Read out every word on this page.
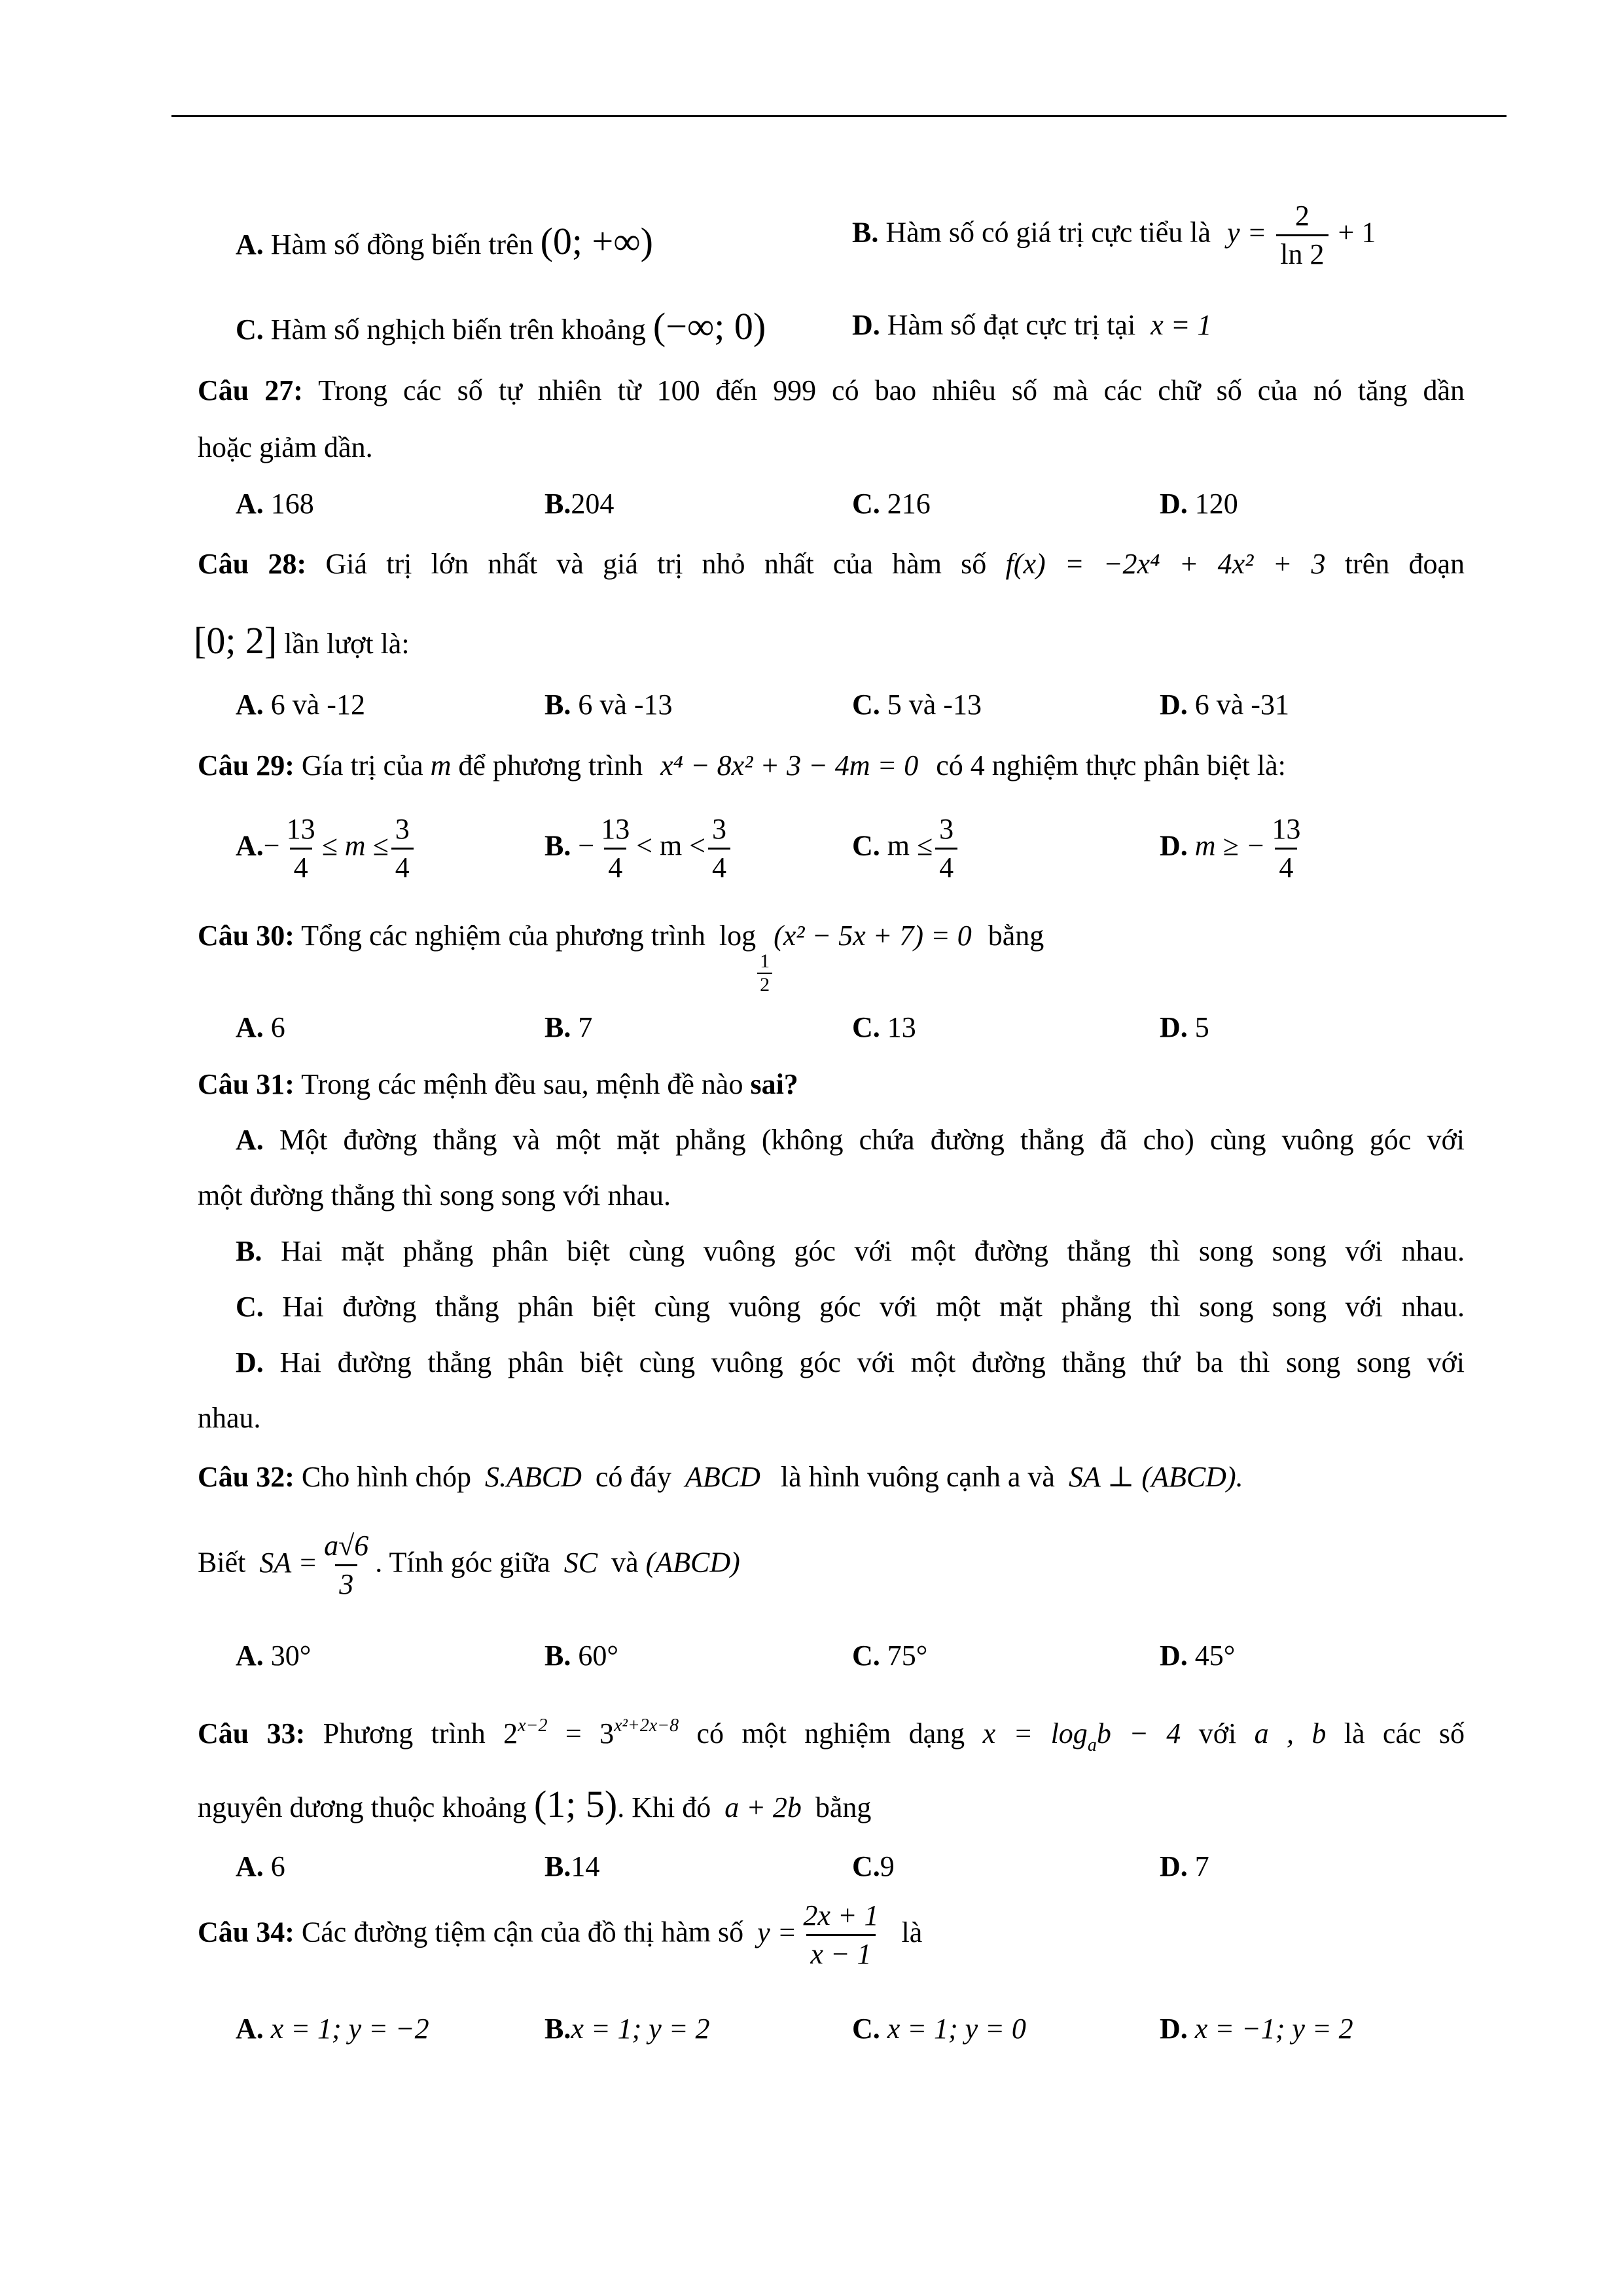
A. Hàm số đồng biến trên (0; +∞)	B. Hàm số có giá trị cực tiểu là $y = \frac{2}{\ln 2} + 1$
C. Hàm số nghịch biến trên khoảng (−∞; 0)	D. Hàm số đạt cực trị tại x = 1
Câu 27: Trong các số tự nhiên từ 100 đến 999 có bao nhiêu số mà các chữ số của nó tăng dần
hoặc giảm dần.
A. 168	B.204	C. 216	D. 120
Câu 28: Giá trị lớn nhất và giá trị nhỏ nhất của hàm số f(x) = −2x⁴ + 4x² + 3 trên đoạn
[0; 2] lần lượt là:
A. 6 và -12	B. 6 và -13	C. 5 và -13	D. 6 và -31
Câu 29: Gía trị của m để phương trình x⁴ − 8x² + 3 − 4m = 0 có 4 nghiệm thực phân biệt là:
$A.- \frac{13}{4} \le m \le \frac{3}{4}$	B. − $\frac{13}{4} < m < \frac{3}{4}$	C. $m \le \frac{3}{4}$	D. m ≥ − $\frac{13}{4}$
Câu 30: Tổng các nghiệm của phương trình log
$\frac{1}{2}$
(x² − 5x + 7) = 0 bằng
A. 6	B. 7	C. 13	D. 5
Câu 31: Trong các mệnh đều sau, mệnh đề nào sai?
A. Một đường thẳng và một mặt phẳng (không chứa đường thẳng đã cho) cùng vuông góc với
một đường thẳng thì song song với nhau.
B. Hai mặt phẳng phân biệt cùng vuông góc với một đường thẳng thì song song với nhau.
C. Hai đường thẳng phân biệt cùng vuông góc với một mặt phẳng thì song song với nhau.
D. Hai đường thẳng phân biệt cùng vuông góc với một đường thẳng thứ ba thì song song với
nhau.
Câu 32: Cho hình chóp S.ABCD có đáy ABCD là hình vuông cạnh a và SA ⊥ (ABCD).
Biết SA = $\frac{a√6}{3}$ . Tính góc giữa SC và (ABCD)
A. 30°	B. 60°	C. 75°	D. 45°
Câu 33: Phương trình $2^{x-2} = 3^{x^2+2x-8}$ có một nghiệm dạng $x = \log_ab - 4$ với a , b là các số
nguyên dương thuộc khoảng (1; 5). Khi đó a + 2b bằng
A. 6	B.14	C.9	D. 7
Câu 34: Các đường tiệm cận của đồ thị hàm số $y = \frac{2x + 1}{x - 1}$ là
A. x = 1; y = −2	B.x = 1; y = 2	C. x = 1; y = 0	D. x = −1; y = 2
